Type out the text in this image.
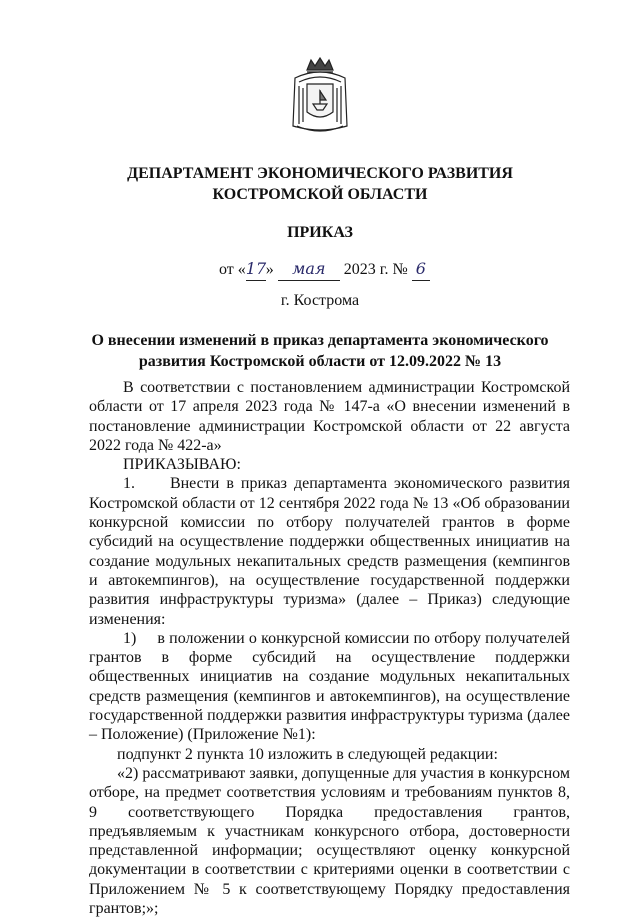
ДЕПАРТАМЕНТ ЭКОНОМИЧЕСКОГО РАЗВИТИЯ
КОСТРОМСКОЙ ОБЛАСТИ
ПРИКАЗ
от «17» мая 2023 г. № 6
г. Кострома
О внесении изменений в приказ департамента экономического развития Костромской области от 12.09.2022 № 13

В соответствии с постановлением администрации Костромской области от 17 апреля 2023 года № 147-а «О внесении изменений в постановление администрации Костромской области от 22 августа 2022 года № 422-а»

ПРИКАЗЫВАЮ:

1.     Внести в приказ департамента экономического развития Костромской области от 12 сентября 2022 года № 13 «Об образовании конкурсной комиссии по отбору получателей грантов в форме субсидий на осуществление поддержки общественных инициатив на создание модульных некапитальных средств размещения (кемпингов и автокемпингов), на осуществление государственной поддержки развития инфраструктуры туризма» (далее – Приказ) следующие изменения:

1)     в положении о конкурсной комиссии по отбору получателей грантов в форме субсидий на осуществление поддержки общественных инициатив на создание модульных некапитальных средств размещения (кемпингов и автокемпингов), на осуществление государственной поддержки развития инфраструктуры туризма (далее – Положение) (Приложение №1):

подпункт 2 пункта 10 изложить в следующей редакции:

«2) рассматривают заявки, допущенные для участия в конкурсном отборе, на предмет соответствия условиям и требованиям пунктов 8, 9 соответствующего Порядка предоставления грантов, предъявляемым к участникам конкурсного отбора, достоверности представленной информации; осуществляют оценку конкурсной документации в соответствии с критериями оценки в соответствии с Приложением № 5 к соответствующему Порядку предоставления грантов;»;
